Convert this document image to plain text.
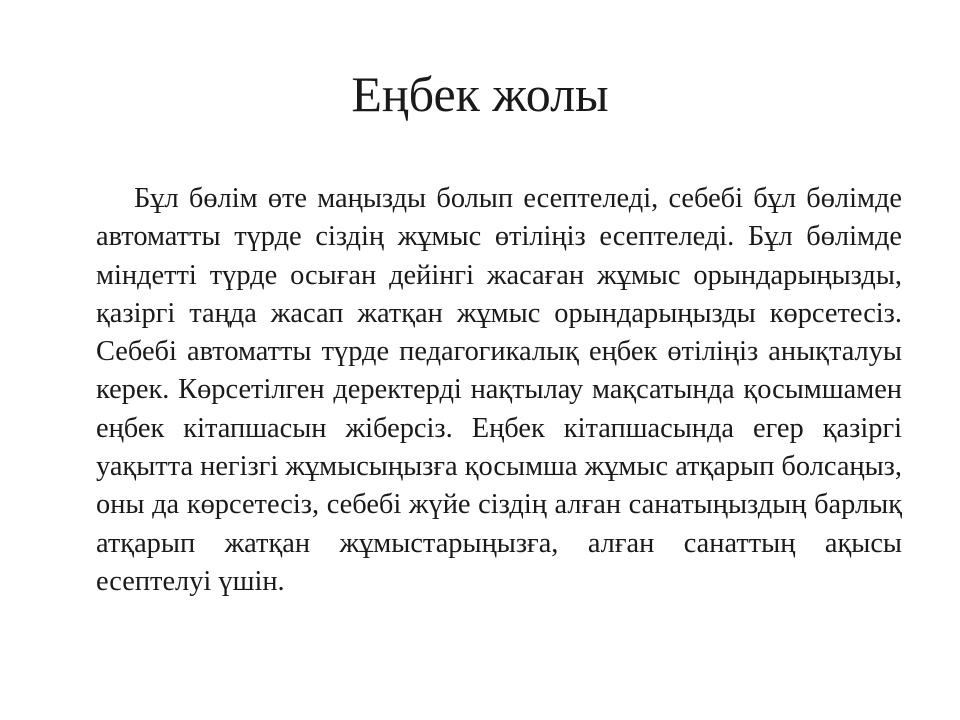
Еңбек жолы

Бұл бөлім өте маңызды болып есептеледі, себебі бұл бөлімде автоматты түрде сіздің жұмыс өтіліңіз есептеледі. Бұл бөлімде міндетті түрде осыған дейінгі жасаған жұмыс орындарыңызды, қазіргі таңда жасап жатқан жұмыс орындарыңызды көрсетесіз. Себебі автоматты түрде педагогикалық еңбек өтіліңіз анықталуы керек. Көрсетілген деректерді нақтылау мақсатында қосымшамен еңбек кітапшасын жіберсіз. Еңбек кітапшасында егер қазіргі уақытта негізгі жұмысыңызға қосымша жұмыс атқарып болсаңыз, оны да көрсетесіз, себебі жүйе сіздің алған санатыңыздың барлық атқарып жатқан жұмыстарыңызға, алған санаттың ақысы есептелуі үшін.
